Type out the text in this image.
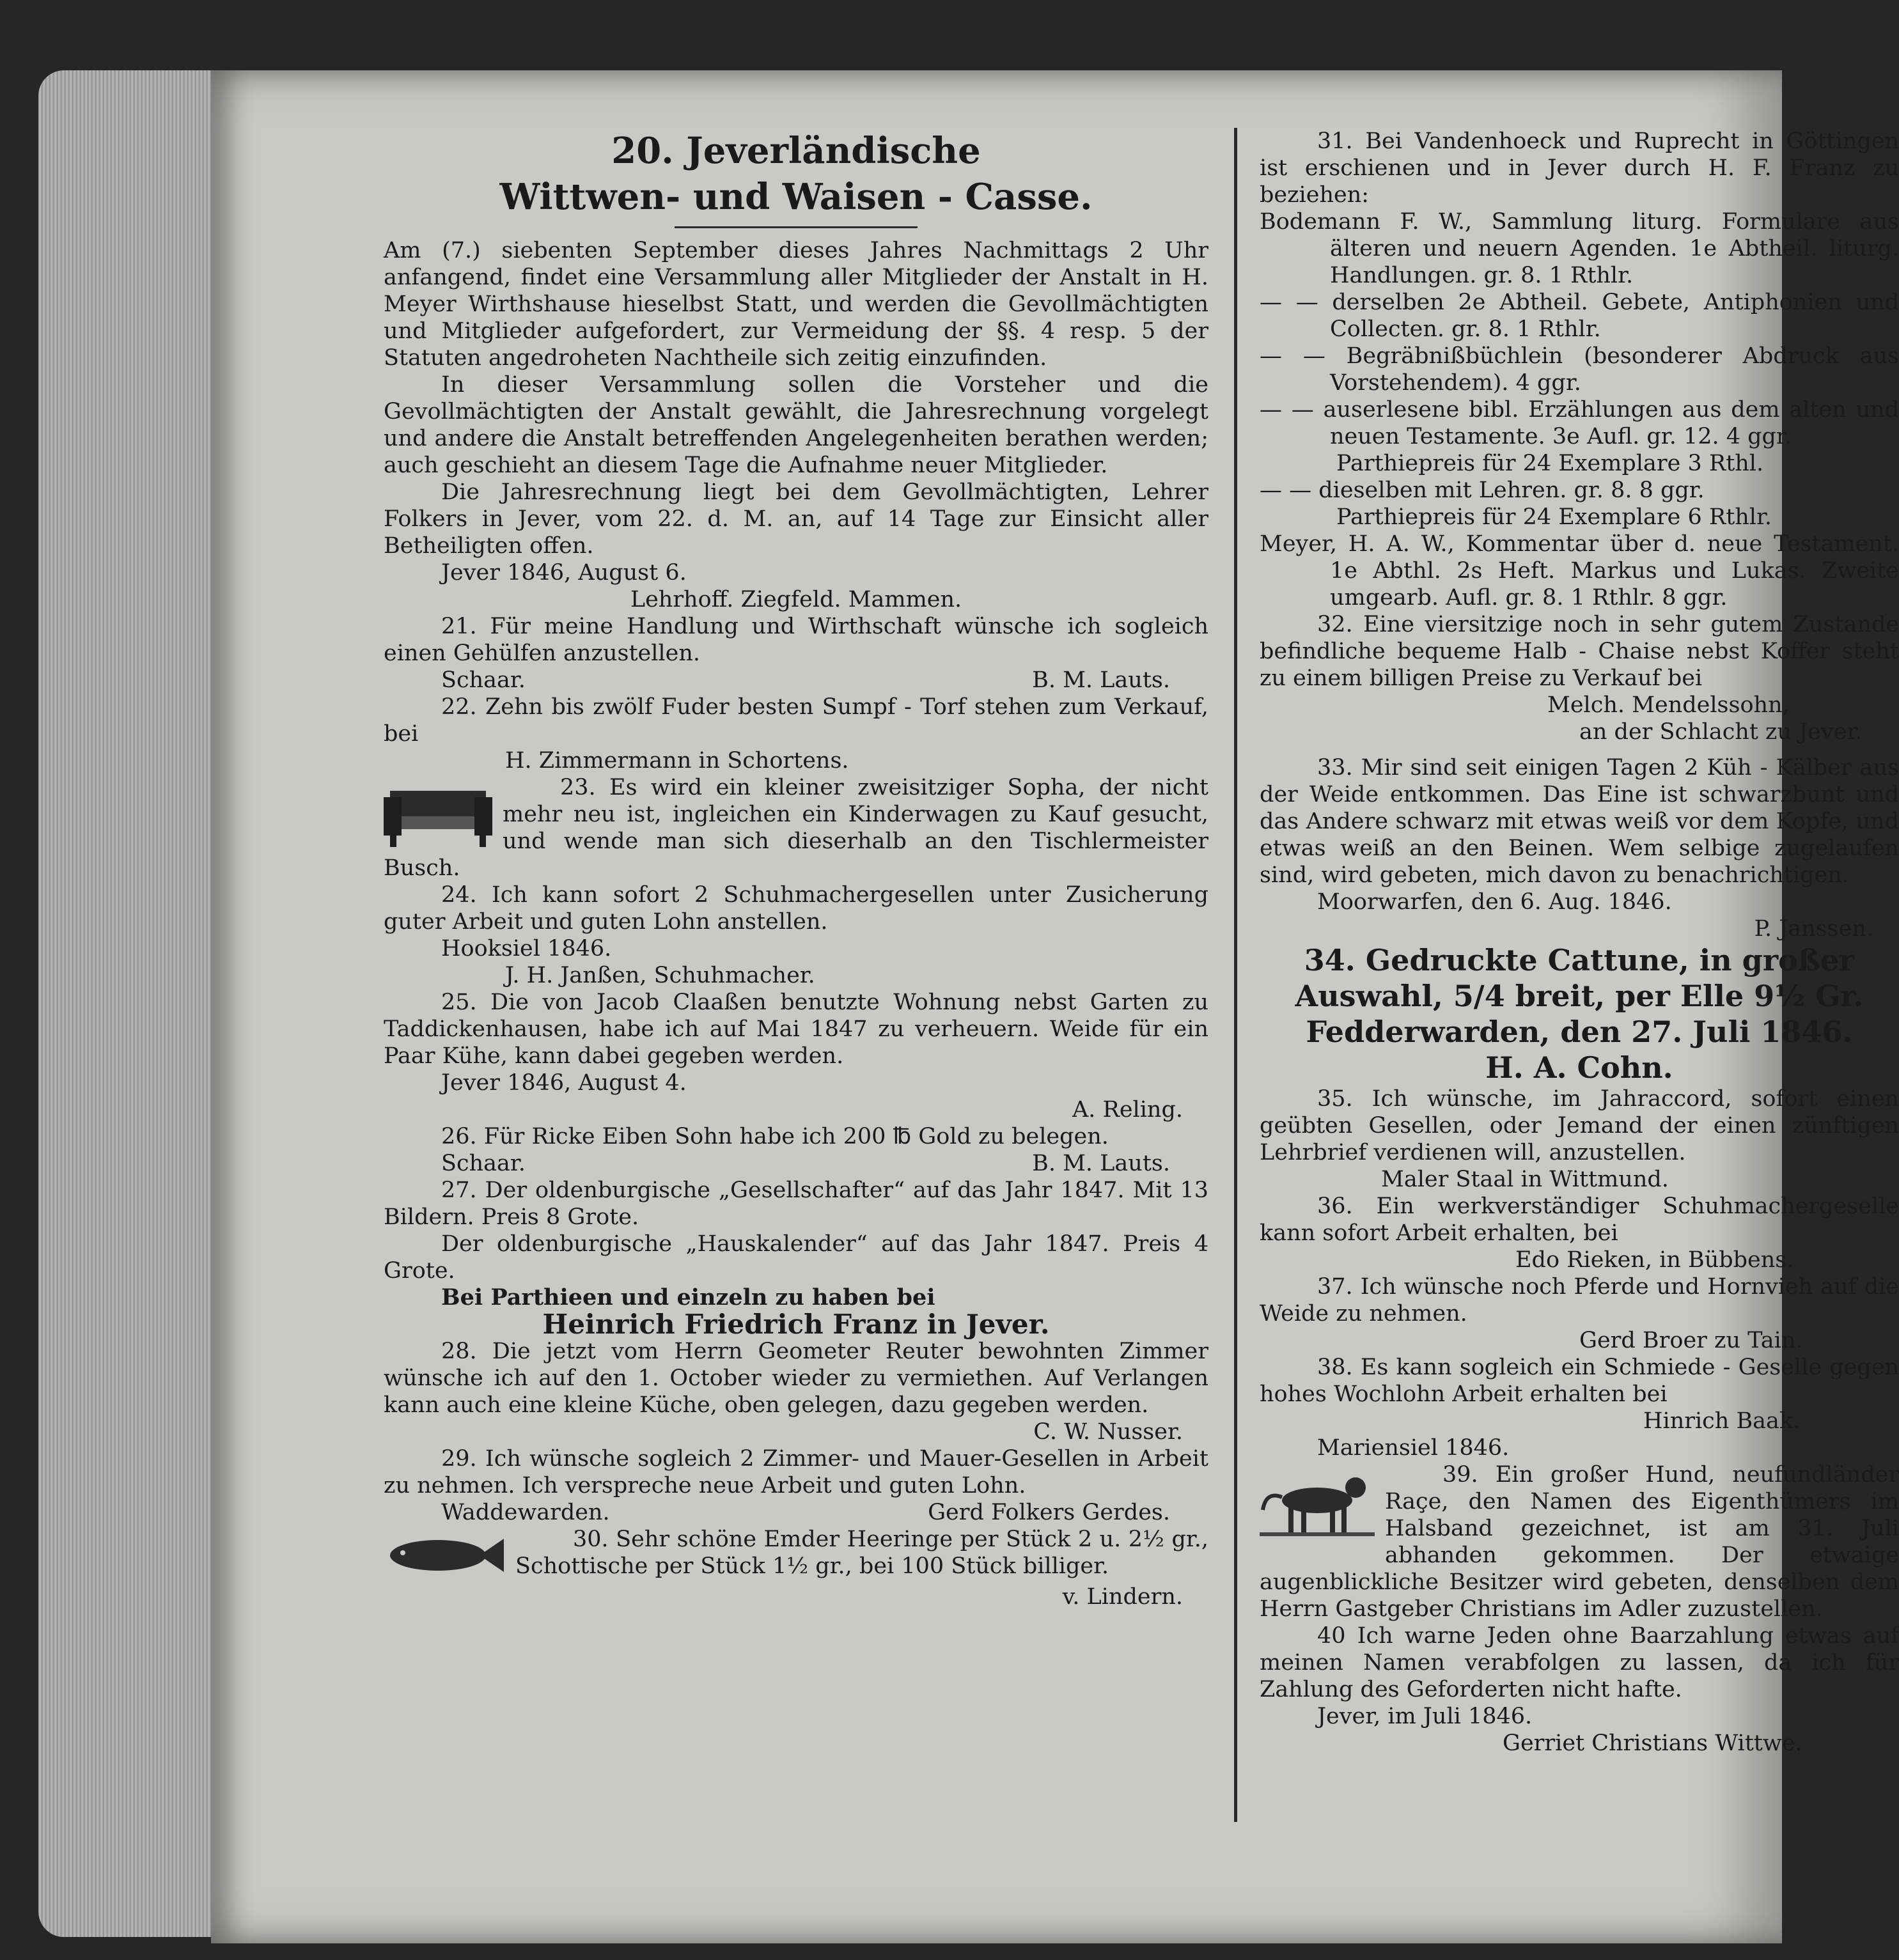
20. Jeverländische
Wittwen- und Waisen - Casse.

Am (7.) siebenten September dieses Jahres Nachmittags 2 Uhr anfangend, findet eine Versammlung aller Mitglieder der Anstalt in H. Meyer Wirthshause hieselbst Statt, und werden die Gevollmächtigten und Mitglieder aufgefordert, zur Vermeidung der §§. 4 resp. 5 der Statuten angedroheten Nachtheile sich zeitig einzufinden.

In dieser Versammlung sollen die Vorsteher und die Gevollmächtigten der Anstalt gewählt, die Jahresrechnung vorgelegt und andere die Anstalt betreffenden Angelegenheiten berathen werden; auch geschieht an diesem Tage die Aufnahme neuer Mitglieder.

Die Jahresrechnung liegt bei dem Gevollmächtigten, Lehrer Folkers in Jever, vom 22. d. M. an, auf 14 Tage zur Einsicht aller Betheiligten offen.

Jever 1846, August 6.

Lehrhoff. Ziegfeld. Mammen.

21. Für meine Handlung und Wirthschaft wünsche ich sogleich einen Gehülfen anzustellen.

Schaar.	B. M. Lauts.

22. Zehn bis zwölf Fuder besten Sumpf - Torf stehen zum Verkauf, bei

H. Zimmermann in Schortens.

23. Es wird ein kleiner zweisitziger Sopha, der nicht mehr neu ist, ingleichen ein Kinderwagen zu Kauf gesucht, und wende man sich dieserhalb an den Tischlermeister Busch.

24. Ich kann sofort 2 Schuhmachergesellen unter Zusicherung guter Arbeit und guten Lohn anstellen.

Hooksiel 1846.

J. H. Janßen, Schuhmacher.

25. Die von Jacob Claaßen benutzte Wohnung nebst Garten zu Taddickenhausen, habe ich auf Mai 1847 zu verheuern. Weide für ein Paar Kühe, kann dabei gegeben werden.

Jever 1846, August 4.

A. Reling.

26. Für Ricke Eiben Sohn habe ich 200 ℔ Gold zu belegen.

Schaar.	B. M. Lauts.

27. Der oldenburgische „Gesellschafter“ auf das Jahr 1847. Mit 13 Bildern. Preis 8 Grote.

Der oldenburgische „Hauskalender“ auf das Jahr 1847. Preis 4 Grote.

Bei Parthieen und einzeln zu haben bei

Heinrich Friedrich Franz in Jever.

28. Die jetzt vom Herrn Geometer Reuter bewohnten Zimmer wünsche ich auf den 1. October wieder zu vermiethen. Auf Verlangen kann auch eine kleine Küche, oben gelegen, dazu gegeben werden.

C. W. Nusser.

29. Ich wünsche sogleich 2 Zimmer- und Mauer-Gesellen in Arbeit zu nehmen. Ich verspreche neue Arbeit und guten Lohn.

Waddewarden.	Gerd Folkers Gerdes.

30. Sehr schöne Emder Heeringe per Stück 2 u. 2½ gr., Schottische per Stück 1½ gr., bei 100 Stück billiger.

v. Lindern.

31. Bei Vandenhoeck und Ruprecht in Göttingen ist erschienen und in Jever durch H. F. Franz zu beziehen:

Bodemann F. W., Sammlung liturg. Formulare aus älteren und neuern Agenden. 1e Abtheil. liturg. Handlungen. gr. 8. 1 Rthlr.

— — derselben 2e Abtheil. Gebete, Antiphonien und Collecten. gr. 8. 1 Rthlr.

— — Begräbnißbüchlein (besonderer Abdruck aus Vorstehendem). 4 ggr.

— — auserlesene bibl. Erzählungen aus dem alten und neuen Testamente. 3e Aufl. gr. 12. 4 ggr.

Parthiepreis für 24 Exemplare 3 Rthl.

— — dieselben mit Lehren. gr. 8. 8 ggr.

Parthiepreis für 24 Exemplare 6 Rthlr.

Meyer, H. A. W., Kommentar über d. neue Testament. 1e Abthl. 2s Heft. Markus und Lukas. Zweite umgearb. Aufl. gr. 8. 1 Rthlr. 8 ggr.

32. Eine viersitzige noch in sehr gutem Zustande befindliche bequeme Halb - Chaise nebst Koffer steht zu einem billigen Preise zu Verkauf bei

Melch. Mendelssohn,

an der Schlacht zu Jever.

33. Mir sind seit einigen Tagen 2 Küh - Kälber aus der Weide entkommen. Das Eine ist schwarzbunt und das Andere schwarz mit etwas weiß vor dem Kopfe, und etwas weiß an den Beinen. Wem selbige zugelaufen sind, wird gebeten, mich davon zu benachrichtigen.

Moorwarfen, den 6. Aug. 1846.

P. Janssen.

34. Gedruckte Cattune, in großer

Auswahl, 5/4 breit, per Elle 9½ Gr.

Fedderwarden, den 27. Juli 1846.

H. A. Cohn.

35. Ich wünsche, im Jahraccord, sofort einen geübten Gesellen, oder Jemand der einen zünftigen Lehrbrief verdienen will, anzustellen.

Maler Staal in Wittmund.

36. Ein werkverständiger Schuhmachergeselle kann sofort Arbeit erhalten, bei

Edo Rieken, in Bübbens.

37. Ich wünsche noch Pferde und Hornvieh auf die Weide zu nehmen.

Gerd Broer zu Tain.

38. Es kann sogleich ein Schmiede - Geselle gegen hohes Wochlohn Arbeit erhalten bei

Hinrich Baak.

Mariensiel 1846.

39. Ein großer Hund, neufundländer Raçe, den Namen des Eigenthümers im Halsband gezeichnet, ist am 31. Juli abhanden gekommen. Der etwaige augenblickliche Besitzer wird gebeten, denselben dem Herrn Gastgeber Christians im Adler zuzustellen.

40 Ich warne Jeden ohne Baarzahlung etwas auf meinen Namen verabfolgen zu lassen, da ich für Zahlung des Geforderten nicht hafte.

Jever, im Juli 1846.

Gerriet Christians Wittwe.
